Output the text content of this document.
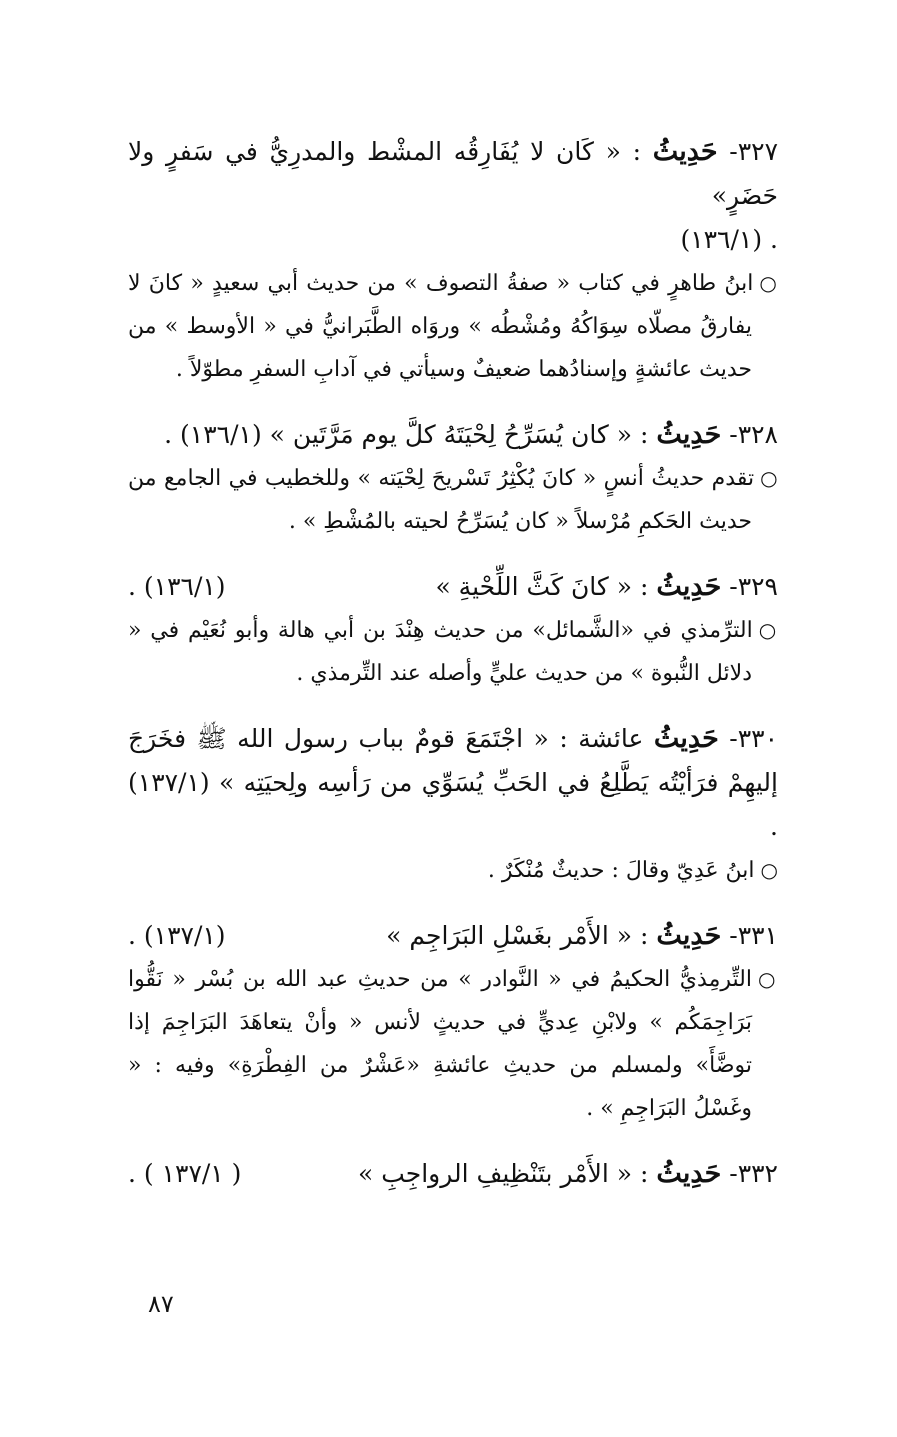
٣٢٧- حَدِيثُ : « كَان لا يُفَارِقُه المشْط والمدرِيُّ في سَفرٍ ولا حَضَرٍ»
. (١٣٦/١)
○ابنُ طاهرٍ في كتاب « صفةُ التصوف » من حديث أبي سعيدٍ « كانَ لا يفارقُ مصلّاه سِوَاكُهُ ومُشْطُه » وروَاه الطَّبَرانيُّ في « الأوسط » من حديث عائشةٍ وإسنادُهما ضعيفٌ وسيأتي في آدابِ السفرِ مطوّلاً .
٣٢٨- حَدِيثُ : « كان يُسَرِّحُ لِحْيَتَهُ كلَّ يوم مَرَّتَين » (١٣٦/١) .
○تقدم حديثُ أنسٍ « كانَ يُكْثِرُ تَسْريحَ لِحْيَته » وللخطيب في الجامع من حديث الحَكمِ مُرْسلاً « كان يُسَرِّحُ لحيته بالمُشْطِ » .
٣٢٩- حَدِيثُ : « كانَ كَثَّ اللِّحْيةِ »
(١٣٦/١) .
○الترِّمذي في «الشَّمائل» من حديث هِنْدَ بن أبي هالة وأبو نُعَيْم في « دلائل النُّبوة » من حديث عليٍّ وأصله عند التِّرمذي .
٣٣٠- حَدِيثُ عائشة : « اجْتَمَعَ قومٌ بباب رسول الله ﷺ فخَرَجَ إليهِمْ فرَأيْتُه يَطَّلِعُ في الحَبِّ يُسَوِّي من رَأسِه ولِحيَتِه » (١٣٧/١) .
○ابنُ عَدِيّ وقالَ : حديثٌ مُنْكَرٌ .
٣٣١- حَدِيثُ : « الأَمْر بغَسْلِ البَرَاجِم »
(١٣٧/١) .
○التِّرمِذيُّ الحكيمُ في « النَّوادر » من حديثِ عبد الله بن بُسْر « نَقُّوا بَرَاجِمَكُم » ولابْنِ عِديٍّ في حديثٍ لأنس « وأنْ يتعاهَدَ البَرَاجِمَ إذا توضَّأَ» ولمسلم من حديثِ عائشةِ «عَشْرٌ من الفِطْرَةِ» وفيه : « وغَسْلُ البَرَاجِمِ » .
٣٣٢- حَدِيثُ : « الأَمْر بتَنْظِيفِ الرواجِبِ »
( ١٣٧/١ ) .
٨٧
